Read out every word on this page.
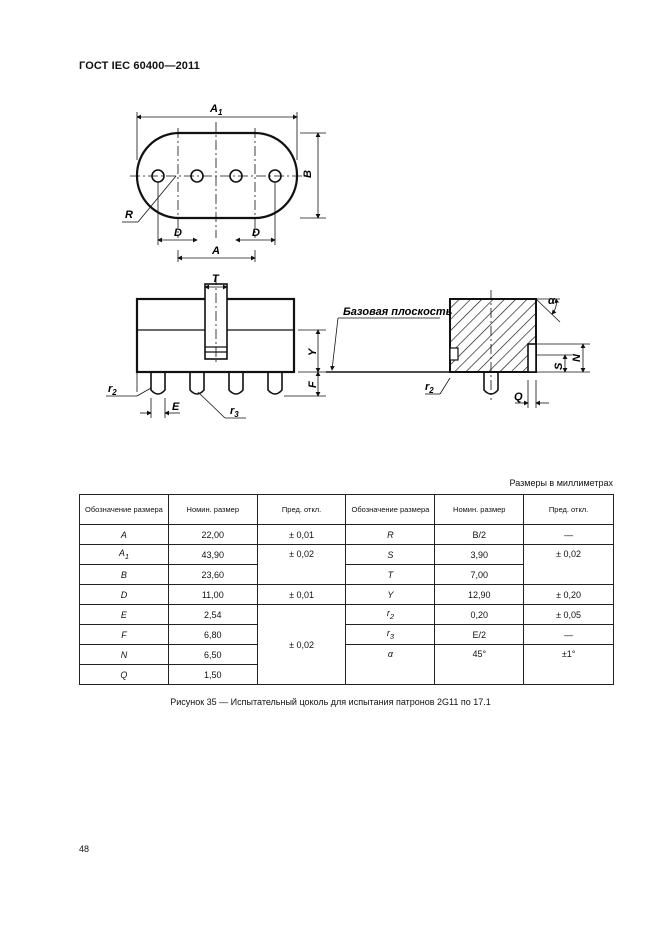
ГОСТ IEC 60400—2011
$A_1$
B
R
D	D
A
T
Y
F
$r_2$
E	$r_3$
Базовая плоскость
α
S
N
$r_2$
Q
Размеры в миллиметрах
Обозначение размера	Номин. размер	Пред. откл.	Обозначение размера	Номин. размер	Пред. откл.
A	22,00	± 0,01	R	B/2	—
$A_1$	43,90	± 0,02	S	3,90	± 0,02
B	23,60		T	7,00	
D	11,00	± 0,01	Y	12,90	± 0,20
E	2,54	± 0,02	$r_2$	0,20	± 0,05
F	6,80		$r_3$	E/2	—
N	6,50		α	45°	±1°
Q	1,50				
Рисунок 35 — Испытательный цоколь для испытания патронов 2G11 по 17.1
48
